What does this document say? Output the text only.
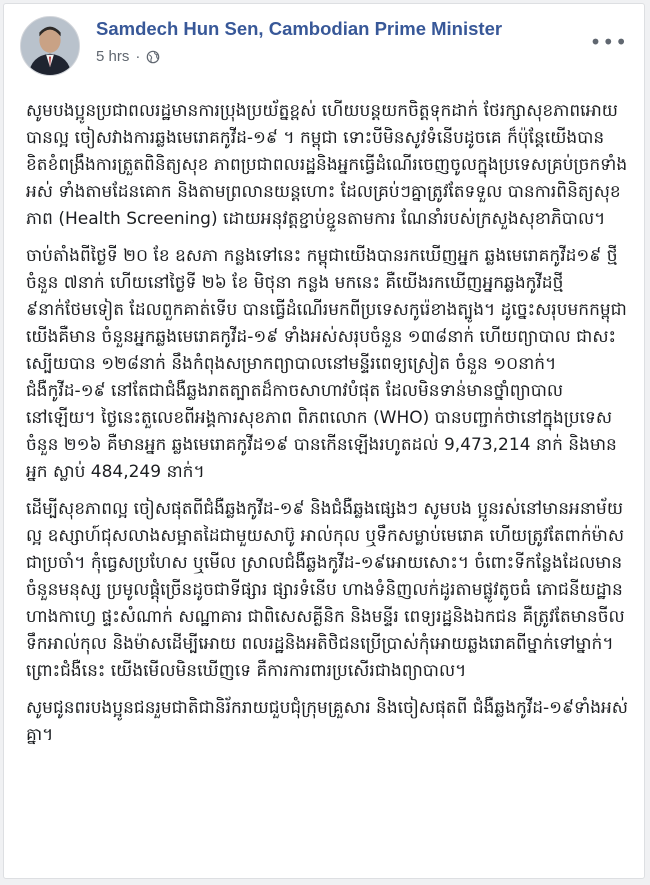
Samdech Hun Sen, Cambodian Prime Minister
5 hrs ·
•••

សូមបងប្អូនប្រជាពលរដ្ឋមានការប្រុងប្រយ័ត្នខ្ពស់ ហើយបន្តយកចិត្តទុកដាក់ ថែរក្សាសុខភាពអោយបានល្អ ចៀសវាងការឆ្លងមេរោគកូវីដ-១៩ ។ កម្ពុជា ទោះបីមិនសូវទំនើបដូចគេ ក៏ប៉ុន្តែយើងបានខិតខំពង្រឹងការត្រួតពិនិត្យសុខ ភាពប្រជាពលរដ្ឋនិងអ្នកធ្វើដំណើរចេញចូលក្នុងប្រទេសគ្រប់ច្រកទាំងអស់ ទាំងតាមដែនគោក និងតាមព្រលានយន្តហោះ ដែលគ្រប់ៗគ្នាត្រូវតែទទួល បានការពិនិត្យសុខភាព (Health Screening) ដោយអនុវត្តខ្ជាប់ខ្ជួនតាមការ ណែនាំរបស់ក្រសួងសុខាភិបាល។

ចាប់តាំងពីថ្ងៃទី ២០ ខែ ឧសភា កន្លងទៅនេះ កម្ពុជាយើងបានរកឃើញអ្នក ឆ្លងមេរោគកូវីដ១៩ ថ្មីចំនួន ៧នាក់ ហើយនៅថ្ងៃទី ២៦ ខែ មិថុនា កន្លង មកនេះ គឺយើងរកឃើញអ្នកឆ្លងកូវីដថ្មី ៩នាក់ថែមទៀត ដែលពួកគាត់ទើប បានធ្វើដំណើរមកពីប្រទេសកូរ៉េខាងត្បូង។ ដូច្នេះសរុបមកកម្ពុជាយើងគឺមាន ចំនួនអ្នកឆ្លងមេរោគកូវីដ-១៩ ទាំងអស់សរុបចំនួន ១៣៨នាក់ ហើយព្យាបាល ជាសះស្បើយបាន ១២៨នាក់ នឹងកំពុងសម្រាកព្យាបាលនៅមន្ទីរពេទ្យស្រៀត ចំនួន ១០នាក់។ ជំងឺកូវីដ-១៩ នៅតែជាជំងឺឆ្លងរាតត្បាតដ៏កាចសាហាវបំផុត ដែលមិនទាន់មានថ្នាំព្យាបាលនៅឡើយ។ ថ្ងៃនេះតួលេខពីអង្គការសុខភាព ពិភពលោក (WHO) បានបញ្ជាក់ថានៅក្នុងប្រទេសចំនួន ២១៦ គឺមានអ្នក ឆ្លងមេរោគកូវីដ១៩ បានកើនឡើងរហូតដល់ 9,473,214 នាក់ និងមានអ្នក ស្លាប់ 484,249 នាក់។

ដើម្បីសុខភាពល្អ ចៀសផុតពីជំងឺឆ្លងកូវីដ-១៩ និងជំងឺឆ្លងផ្សេងៗ សូមបង ប្អូនរស់នៅមានអនាម័យល្អ ឧស្សាហ៍ជុសលាងសម្អាតដៃជាមួយសាប៊ូ អាល់កុល ឬទឹកសម្លាប់មេរោគ ហើយត្រូវតែពាក់ម៉ាសជាប្រចាំ។ កុំធ្វេសប្រហែស ឬមើល ស្រាលជំងឺឆ្លងកូវីដ-១៩អោយសោះ។ ចំពោះទីកន្លែងដែលមានចំនួនមនុស្ស ប្រមូលផ្តុំច្រើនដូចជាទីផ្សារ ផ្សារទំនើប ហាងទំនិញលក់ដូរតាមផ្លូវតូចធំ ភោជនីយដ្ឋាន ហាងកាហ្វេ ផ្ទះសំណាក់ សណ្ឋាគារ ជាពិសេសគ្លីនិក និងមន្ទីរ ពេទ្យរដ្ឋនិងឯកជន គឺត្រូវតែមានចីល ទឹកអាល់កុល និងម៉ាសដើម្បីអោយ ពលរដ្ឋនិងអតិថិជនប្រើប្រាស់កុំអោយឆ្លងរោគពីម្នាក់ទៅម្នាក់។ ព្រោះជំងឺនេះ យើងមើលមិនឃើញទេ គឺការការពារប្រសើរជាងព្យាបាល។

សូមជូនពរបងប្អូនជនរួមជាតិជានិរ័ករាយជួបជុំក្រុមគ្រួសារ និងចៀសផុតពី ជំងឺឆ្លងកូវីដ-១៩ទាំងអស់គ្នា។
